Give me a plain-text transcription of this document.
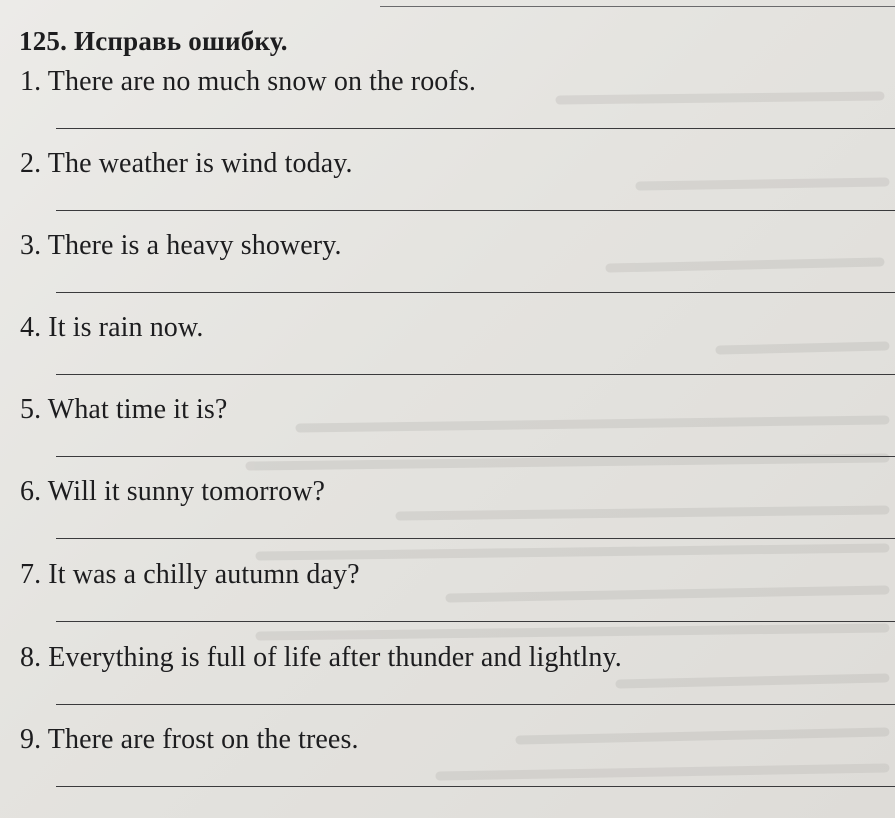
125. Исправь ошибку.

1. There are no much snow on the roofs.

2. The weather is wind today.

3. There is a heavy showery.

4. It is rain now.

5. What time it is?

6. Will it sunny tomorrow?

7. It was a chilly autumn day?

8. Everything is full of life after thunder and lightlny.

9. There are frost on the trees.
